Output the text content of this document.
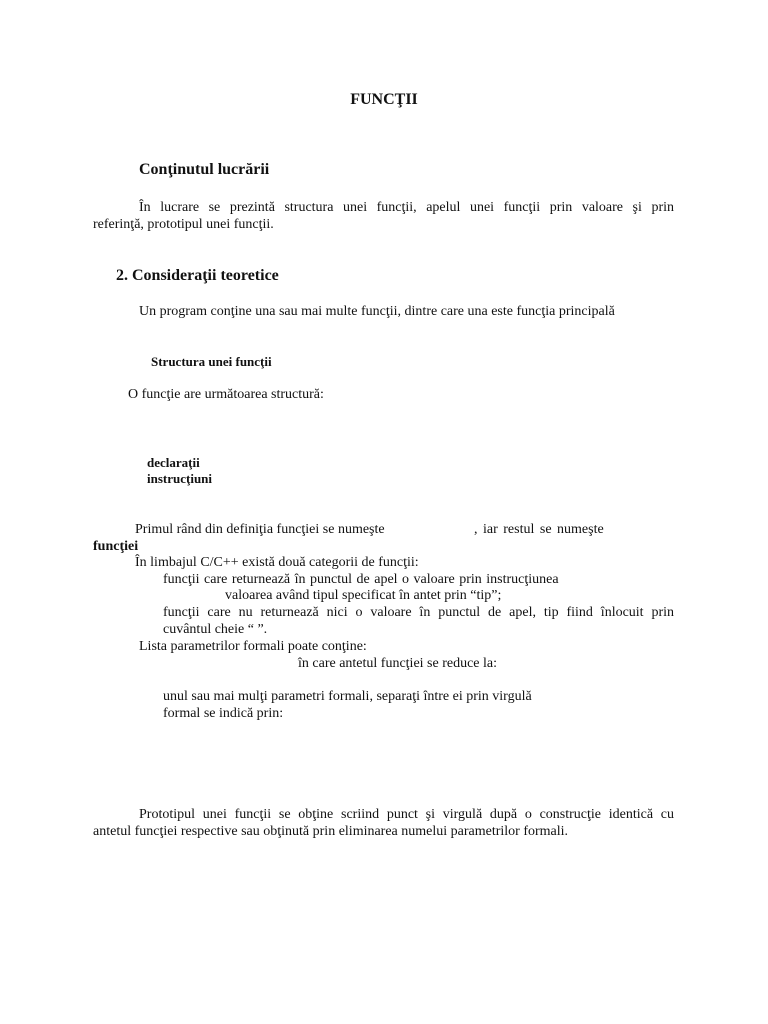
FUNCŢII
Conţinutul lucrării
În lucrare se prezintă structura unei funcţii, apelul unei funcţii prin valoare şi prin
referinţă, prototipul unei funcţii.
2. Consideraţii teoretice
Un program conţine una sau mai multe funcţii, dintre care una este funcţia principală
Structura unei funcţii
O funcţie are următoarea structură:
declaraţii
instrucţiuni
Primul rând din definiţia funcţiei se numeşte	, iar restul se numeşte
funcţiei
În limbajul C/C++ există două categorii de funcţii:
funcţii care returnează în punctul de apel o valoare prin instrucţiunea
valoarea având tipul specificat în antet prin “tip”;
funcţii care nu returnează nici o valoare în punctul de apel, tip fiind înlocuit prin
cuvântul cheie “ ”.
Lista parametrilor formali poate conţine:
în care antetul funcţiei se reduce la:
unul sau mai mulţi parametri formali, separaţi între ei prin virgulă
formal se indică prin:
Prototipul unei funcţii se obţine scriind punct şi virgulă după o construcţie identică cu
antetul funcţiei respective sau obţinută prin eliminarea numelui parametrilor formali.
